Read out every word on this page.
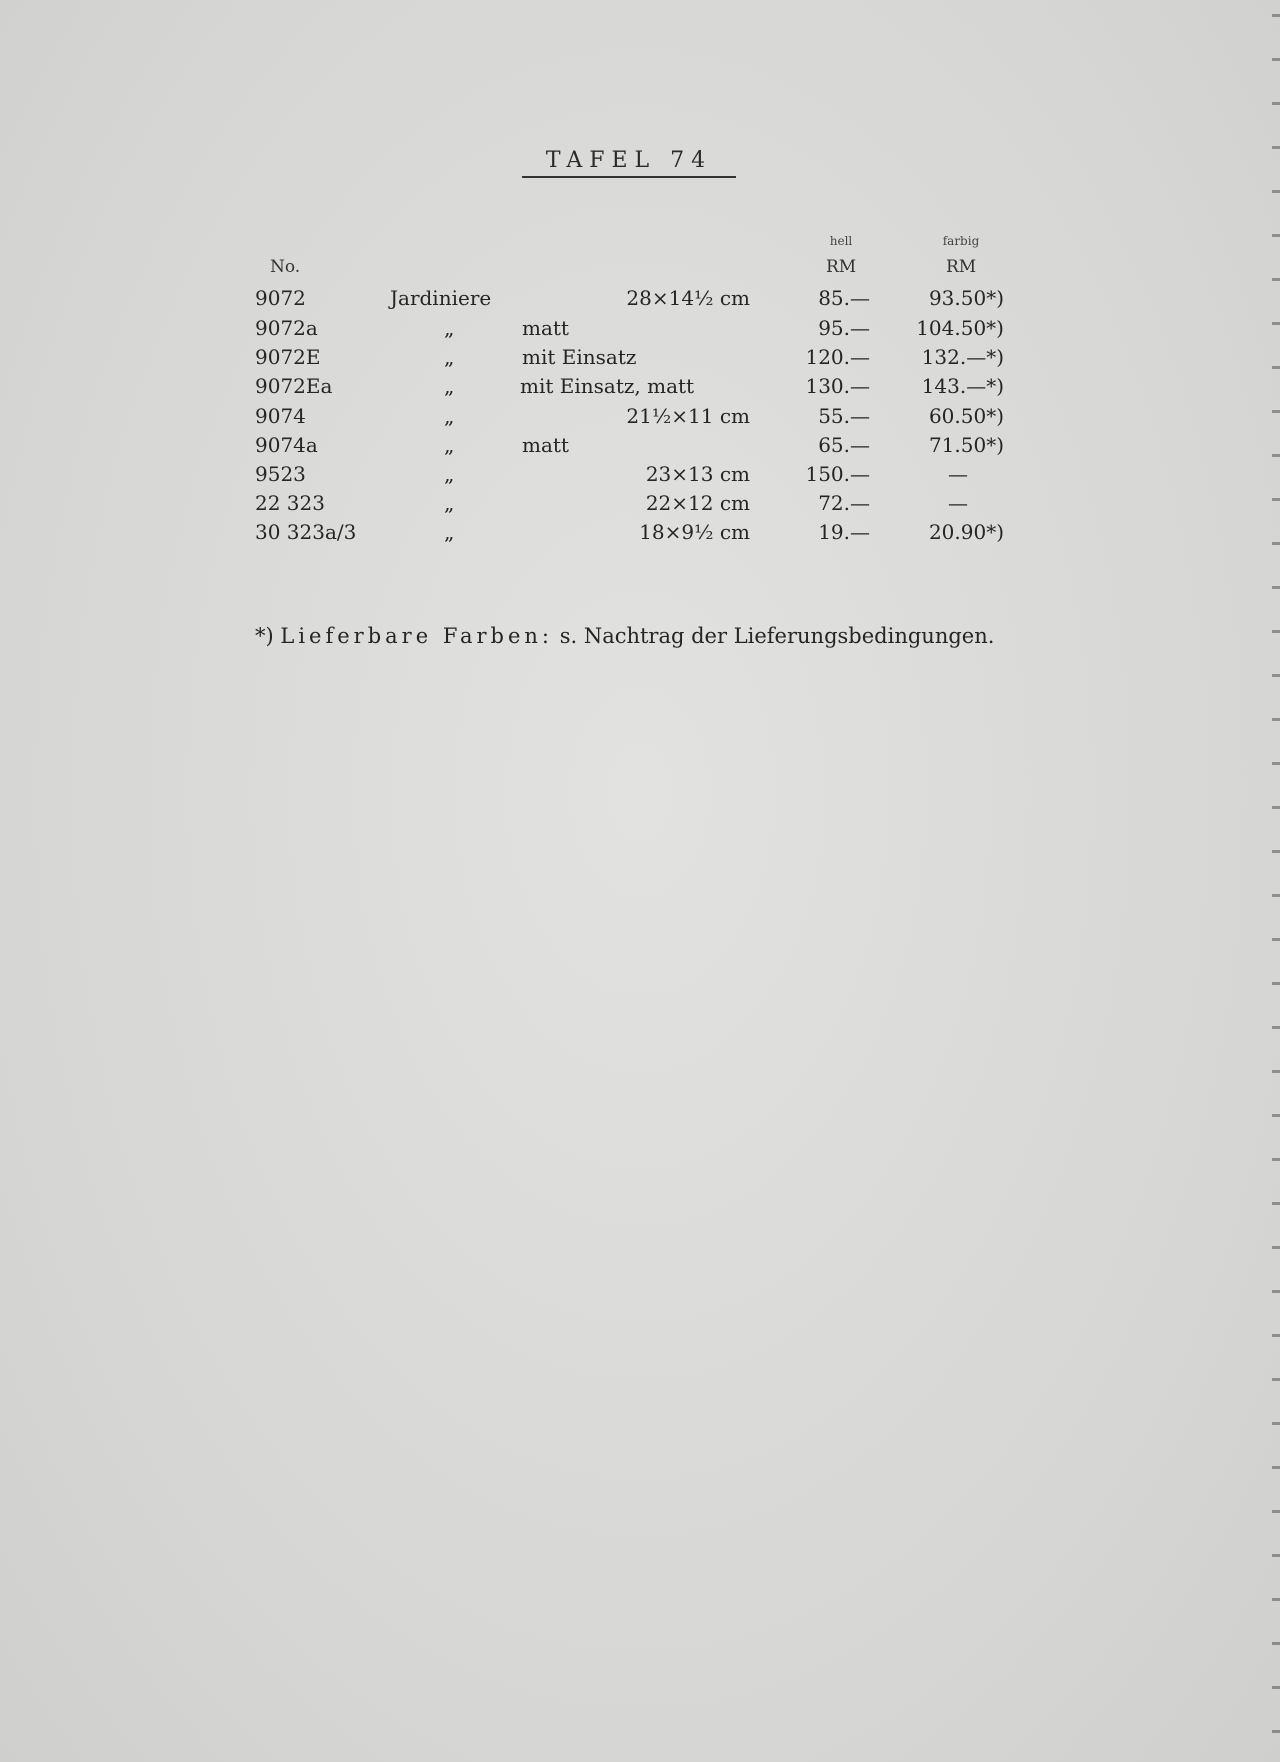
TAFEL 74
No.
hell	farbig
RM	RM
9072	Jardiniere	28×14½ cm	85.—	93.50*)
9072a	„	matt	95.—	104.50*)
9072E	„	mit Einsatz	120.—	132.—*)
9072Ea	„	mit Einsatz, matt	130.—	143.—*)
9074	„	21½×11 cm	55.—	60.50*)
9074a	„	matt	65.—	71.50*)
9523	„	23×13 cm	150.—	—
22 323	„	22×12 cm	72.—	—
30 323a/3	„	18×9½ cm	19.—	20.90*)
*) Lieferbare Farben: s. Nachtrag der Lieferungsbedingungen.
